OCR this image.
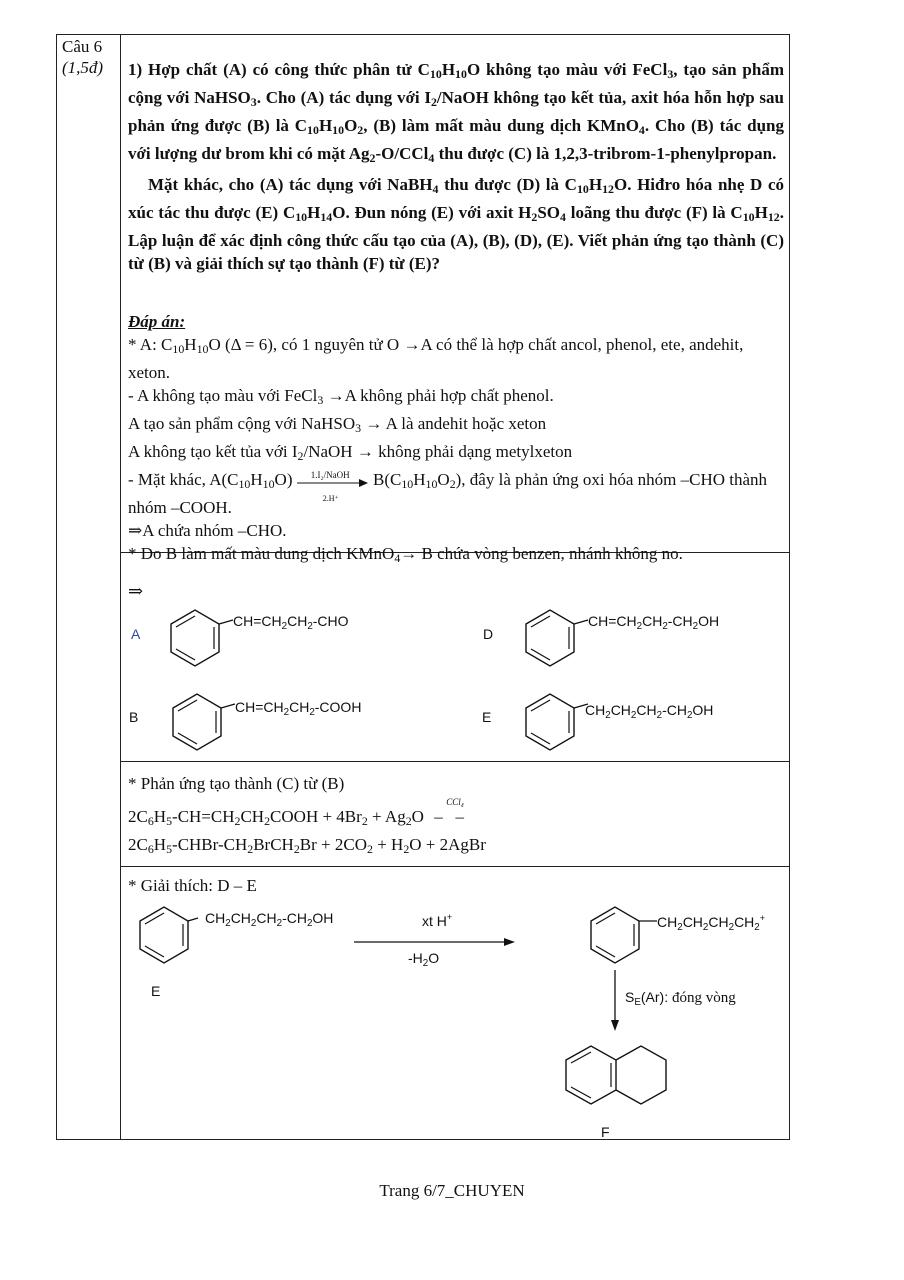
Câu 6
(1,5đ) 1) Hợp chất (A) có công thức phân tử $C_{10}H_{10}O$ không tạo màu với FeCl$_3$, tạo sản phẩm cộng với NaHSO$_3$. Cho (A) tác dụng với $I_2$/NaOH không tạo kết tủa, axit hóa hỗn hợp sau phản ứng được (B) là $C_{10}H_{10}O_2$, (B) làm mất màu dung dịch KMnO$_4$. Cho (B) tác dụng với lượng dư brom khi có mặt $Ag_2-O/CCl_4$ thu được (C) là 1,2,3-tribrom-1-phenylpropan.
Mặt khác, cho (A) tác dụng với NaBH$_4$ thu được (D) là $C_{10}H_{12}O$. Hiđro hóa nhẹ D có xúc tác thu được (E) $C_{10}H_{14}O$. Đun nóng (E) với axit $H_2SO_4$ loãng thu được (F) là $C_{10}H_{12}$. Lập luận để xác định công thức cấu tạo của (A), (B), (D), (E). Viết phản ứng tạo thành (C) từ (B) và giải thích sự tạo thành (F) từ (E)?
Đáp án:
* A: $C_{10}H_{10}O$ (Δ = 6), có 1 nguyên tử O →A có thể là hợp chất ancol, phenol, ete, andehit, xeton.
- A không tạo màu với FeCl$_3$ →A không phải hợp chất phenol.
A tạo sản phẩm cộng với NaHSO$_3$ → A là andehit hoặc xeton
A không tạo kết tủa với $I_2$/NaOH → không phải dạng metylxeton
- Mặt khác, $A(C_{10}H_{10}O)$ 1.I₂/NaOH
2.H⁺
$B(C_{10}H_{10}O_2)$, đây là phản ứng oxi hóa nhóm –CHO thành nhóm –COOH.
⇒A chứa nhóm –CHO.
* Do B làm mất màu dung dịch KMnO$_4$→ B chứa vòng benzen, nhánh không no.
⇒
A
$CH=CH_2CH_2$-CHO
D
$CH=CH_2CH_2-CH_2OH$
B
$CH=CH_2CH_2$-COOH
E	$CH_2CH_2CH_2-CH_2OH$
* Phản ứng tạo thành (C) từ (B)
$2C_6H_5-CH=CH_2CH_2COOH + 4Br_2 + Ag_2O$
CCl₄
–   –
$2C_6H_5-CHBr-CH_2BrCH_2Br + 2CO_2 + H_2O$ + 2AgBr
* Giải thích: D – E
$CH_2CH_2CH_2-CH_2OH$
E
xt H+
$-H_2O$
$CH_2CH_2CH_2CH_2^+$
$S_E(Ar)$: đóng vòng
F
Trang 6/7_CHUYEN
